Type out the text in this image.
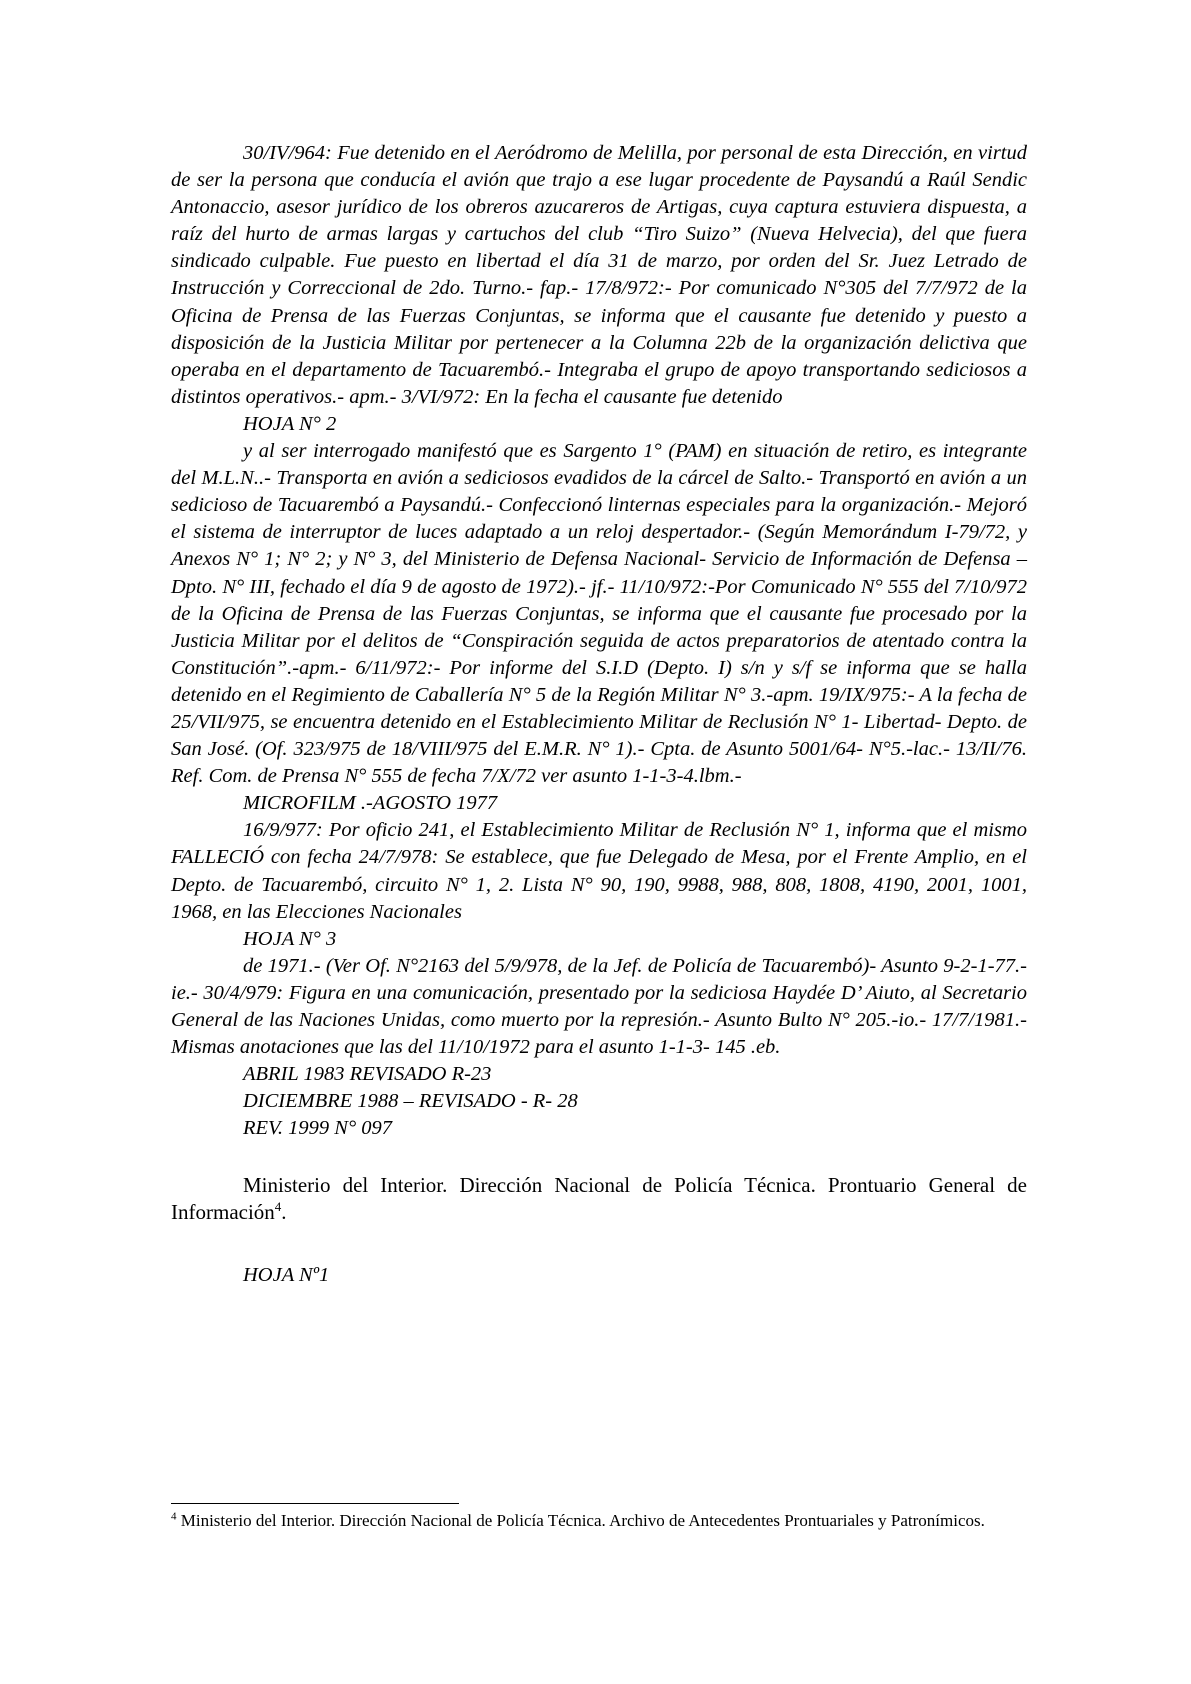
30/IV/964: Fue detenido en el Aeródromo de Melilla, por personal de esta Dirección, en virtud de ser la persona que conducía el avión que trajo a ese lugar procedente de Paysandú a Raúl Sendic Antonaccio, asesor jurídico de los obreros azucareros de Artigas, cuya captura estuviera dispuesta, a raíz del hurto de armas largas y cartuchos del club “Tiro Suizo” (Nueva Helvecia), del que fuera sindicado culpable. Fue puesto en libertad el día 31 de marzo, por orden del Sr. Juez Letrado de Instrucción y Correccional de 2do. Turno.- fap.- 17/8/972:- Por comunicado N°305 del 7/7/972 de la Oficina de Prensa de las Fuerzas Conjuntas, se informa que el causante fue detenido y puesto a disposición de la Justicia Militar por pertenecer a la Columna 22b de la organización delictiva que operaba en el departamento de Tacuarembó.- Integraba el grupo de apoyo transportando sediciosos a distintos operativos.- apm.- 3/VI/972: En la fecha el causante fue detenido

HOJA N° 2

y al ser interrogado manifestó que es Sargento 1° (PAM) en situación de retiro, es integrante del M.L.N..- Transporta en avión a sediciosos evadidos de la cárcel de Salto.- Transportó en avión a un sedicioso de Tacuarembó a Paysandú.- Confeccionó linternas especiales para la organización.- Mejoró el sistema de interruptor de luces adaptado a un reloj despertador.- (Según Memorándum I-79/72, y Anexos N° 1; N° 2; y N° 3, del Ministerio de Defensa Nacional- Servicio de Información de Defensa –Dpto. N° III, fechado el día 9 de agosto de 1972).- jf.- 11/10/972:-Por Comunicado N° 555 del 7/10/972 de la Oficina de Prensa de las Fuerzas Conjuntas, se informa que el causante fue procesado por la Justicia Militar por el delitos de “Conspiración seguida de actos preparatorios de atentado contra la Constitución”.-apm.- 6/11/972:- Por informe del S.I.D (Depto. I) s/n y s/f se informa que se halla detenido en el Regimiento de Caballería N° 5 de la Región Militar N° 3.-apm. 19/IX/975:- A la fecha de 25/VII/975, se encuentra detenido en el Establecimiento Militar de Reclusión N° 1- Libertad- Depto. de San José. (Of. 323/975 de 18/VIII/975 del E.M.R. N° 1).- Cpta. de Asunto 5001/64- N°5.-lac.- 13/II/76. Ref. Com. de Prensa N° 555 de fecha 7/X/72 ver asunto 1-1-3-4.lbm.-

MICROFILM .-AGOSTO 1977

16/9/977: Por oficio 241, el Establecimiento Militar de Reclusión N° 1, informa que el mismo FALLECIÓ con fecha 24/7/978: Se establece, que fue Delegado de Mesa, por el Frente Amplio, en el Depto. de Tacuarembó, circuito N° 1, 2. Lista N° 90, 190, 9988, 988, 808, 1808, 4190, 2001, 1001, 1968, en las Elecciones Nacionales

HOJA N° 3

de 1971.- (Ver Of. N°2163 del 5/9/978, de la Jef. de Policía de Tacuarembó)- Asunto 9-2-1-77.-ie.- 30/4/979: Figura en una comunicación, presentado por la sediciosa Haydée D’ Aiuto, al Secretario General de las Naciones Unidas, como muerto por la represión.- Asunto Bulto N° 205.-io.- 17/7/1981.- Mismas anotaciones que las del 11/10/1972 para el asunto 1-1-3- 145 .eb.

ABRIL 1983 REVISADO R-23

DICIEMBRE 1988 – REVISADO - R- 28

REV. 1999 N° 097

Ministerio del Interior. Dirección Nacional de Policía Técnica. Prontuario General de Información$^4$.

HOJA Nº1

$^4$ Ministerio del Interior. Dirección Nacional de Policía Técnica. Archivo de Antecedentes Prontuariales y Patronímicos.
